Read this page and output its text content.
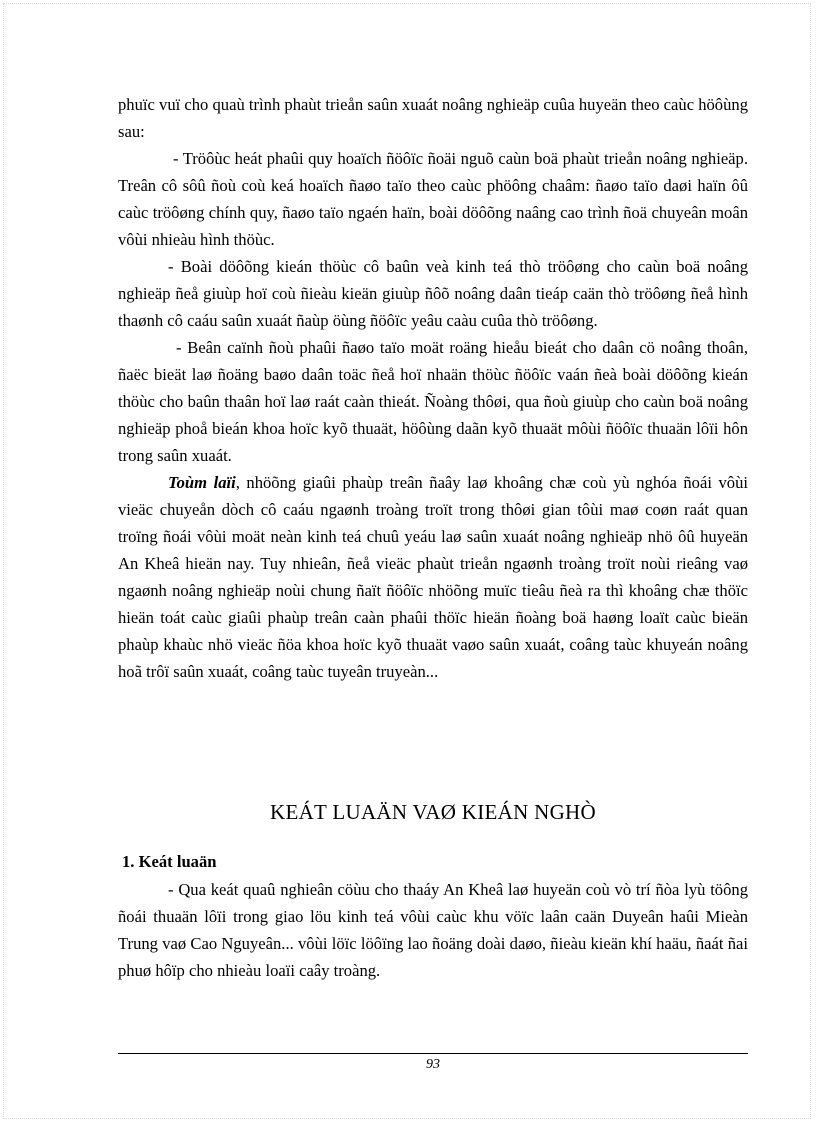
phuïc vuï cho quaù trình phaùt trieån saûn xuaát noâng nghieäp cuûa huyeän theo caùc höôùng sau:

- Tröôùc heát phaûi quy hoaïch ñöôïc ñoäi nguõ caùn boä phaùt trieån noâng nghieäp. Treân cô sôû ñoù coù keá hoaïch ñaøo taïo theo caùc phöông chaâm: ñaøo taïo daøi haïn ôû caùc tröôøng chính quy, ñaøo taïo ngaén haïn, boài döôõng naâng cao trình ñoä chuyeân moân vôùi nhieàu hình thöùc.

- Boài döôõng kieán thöùc cô baûn veà kinh teá thò tröôøng cho caùn boä noâng nghieäp ñeå giuùp hoï coù ñieàu kieän giuùp ñôõ noâng daân tieáp caän thò tröôøng ñeå hình thaønh cô caáu saûn xuaát ñaùp öùng ñöôïc yeâu caàu cuûa thò tröôøng.

- Beân caïnh ñoù phaûi ñaøo taïo moät roäng hieåu bieát cho daân cö noâng thoân, ñaëc bieät laø ñoäng baøo daân toäc ñeå hoï nhaän thöùc ñöôïc vaán ñeà boài döôõng kieán thöùc cho baûn thaân hoï laø raát caàn thieát. Ñoàng thôøi, qua ñoù giuùp cho caùn boä noâng nghieäp phoå bieán khoa hoïc kyõ thuaät, höôùng daãn kyõ thuaät môùi ñöôïc thuaän lôïi hôn trong saûn xuaát.

Toùm laïi, nhöõng giaûi phaùp treân ñaây laø khoâng chæ coù yù nghóa ñoái vôùi vieäc chuyeån dòch cô caáu ngaønh troàng troït trong thôøi gian tôùi maø coøn raát quan troïng ñoái vôùi moät neàn kinh teá chuû yeáu laø saûn xuaát noâng nghieäp nhö ôû huyeän An Kheâ hieän nay. Tuy nhieân, ñeå vieäc phaùt trieån ngaønh troàng troït noùi rieâng vaø ngaønh noâng nghieäp noùi chung ñaït ñöôïc nhöõng muïc tieâu ñeà ra thì khoâng chæ thöïc hieän toát caùc giaûi phaùp treân caàn phaûi thöïc hieän ñoàng boä haøng loaït caùc bieän phaùp khaùc nhö vieäc ñöa khoa hoïc kyõ thuaät vaøo saûn xuaát, coâng taùc khuyeán noâng hoã trôï saûn xuaát, coâng taùc tuyeân truyeàn...

KEÁT LUAÄN VAØ KIEÁN NGHÒ
1. Keát luaän

- Qua keát quaû nghieân cöùu cho thaáy An Kheâ laø huyeän coù vò trí ñòa lyù töông ñoái thuaän lôïi trong giao löu kinh teá vôùi caùc khu vöïc laân caän Duyeân haûi Mieàn Trung vaø Cao Nguyeân... vôùi löïc löôïng lao ñoäng doài daøo, ñieàu kieän khí haäu, ñaát ñai phuø hôïp cho nhieàu loaïi caây troàng.

93
